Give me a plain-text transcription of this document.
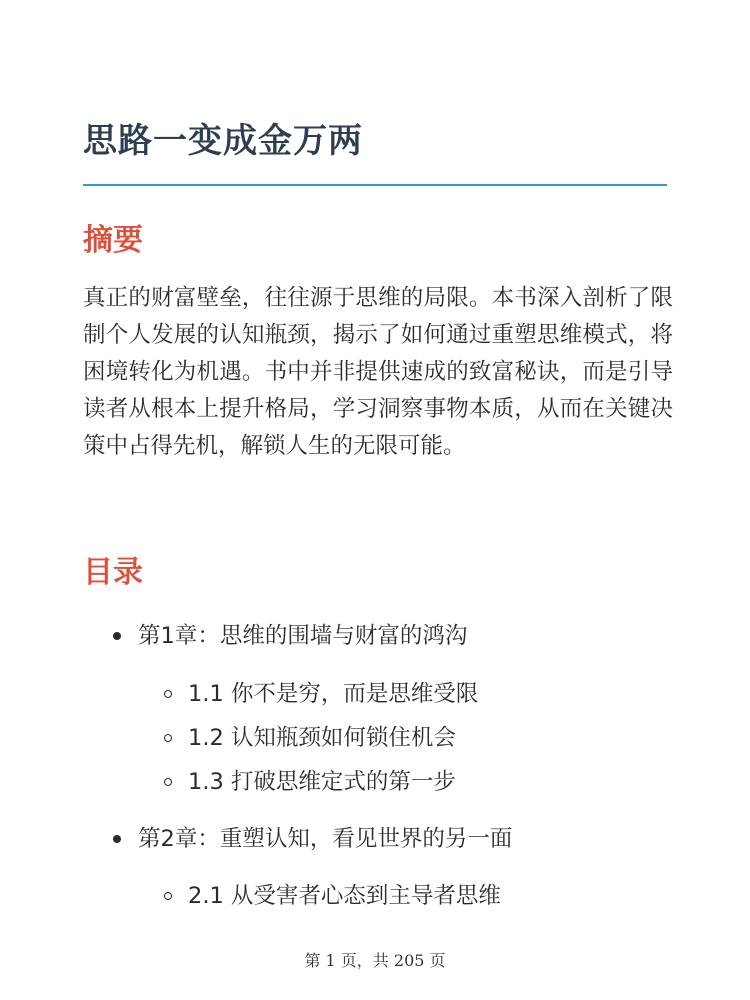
思路一变成金万两
摘要

真正的财富壁垒，往往源于思维的局限。本书深入剖析了限制个人发展的认知瓶颈，揭示了如何通过重塑思维模式，将困境转化为机遇。书中并非提供速成的致富秘诀，而是引导读者从根本上提升格局，学习洞察事物本质，从而在关键决策中占得先机，解锁人生的无限可能。

目录
第1章：思维的围墙与财富的鸿沟
1.1 你不是穷，而是思维受限
1.2 认知瓶颈如何锁住机会
1.3 打破思维定式的第一步
第2章：重塑认知，看见世界的另一面
2.1 从受害者心态到主导者思维
第 1 页，共 205 页
